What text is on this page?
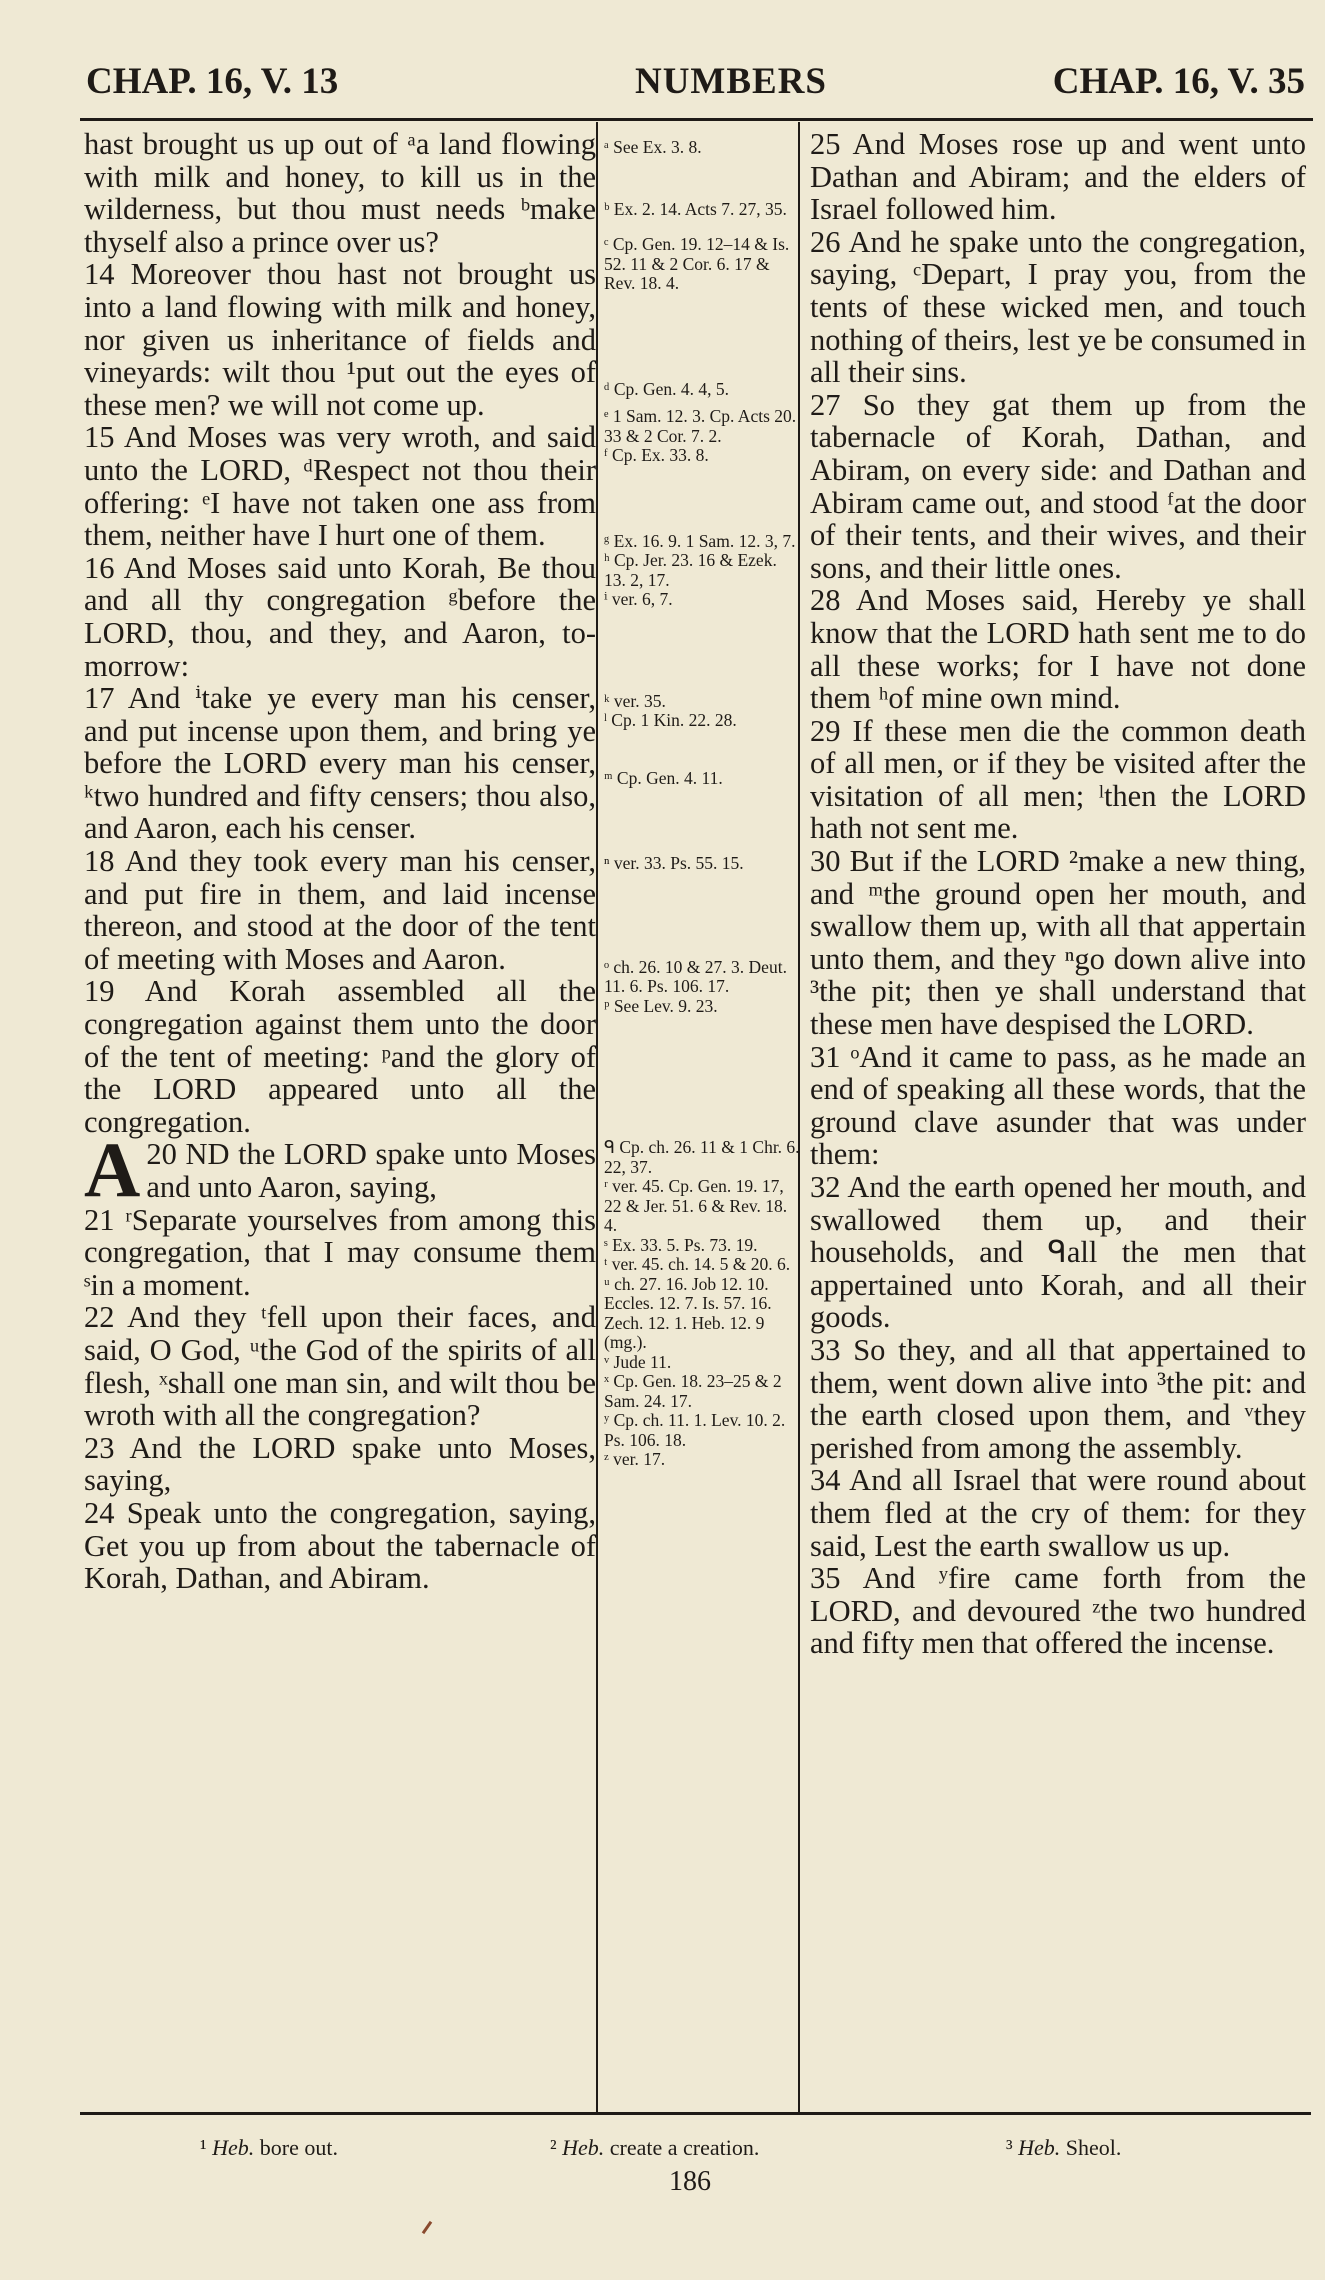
CHAP. 16, V. 13	NUMBERS	CHAP. 16, V. 35

hast brought us up out of ᵃa land flowing with milk and honey, to kill us in the wilderness, but thou must needs ᵇmake thyself also a prince over us?

14 Moreover thou hast not brought us into a land flowing with milk and honey, nor given us inheritance of fields and vineyards: wilt thou ¹put out the eyes of these men? we will not come up.

15 And Moses was very wroth, and said unto the LORD, ᵈRespect not thou their offering: ᵉI have not taken one ass from them, neither have I hurt one of them.

16 And Moses said unto Korah, Be thou and all thy congregation ᵍbefore the LORD, thou, and they, and Aaron, to-morrow:

17 And ⁱtake ye every man his censer, and put incense upon them, and bring ye before the LORD every man his censer, ᵏtwo hundred and fifty censers; thou also, and Aaron, each his censer.

18 And they took every man his censer, and put fire in them, and laid incense thereon, and stood at the door of the tent of meeting with Moses and Aaron.

19 And Korah assembled all the congregation against them unto the door of the tent of meeting: ᵖand the glory of the LORD appeared unto all the congregation.

20
A ND the LORD spake unto Moses and unto Aaron, saying,

21 ʳSeparate yourselves from among this congregation, that I may consume them ˢin a moment.

22 And they ᵗfell upon their faces, and said, O God, ᵘthe God of the spirits of all flesh, ˣshall one man sin, and wilt thou be wroth with all the congregation?

23 And the LORD spake unto Moses, saying,

24 Speak unto the congregation, saying, Get you up from about the tabernacle of Korah, Dathan, and Abiram.

ᵃ See Ex. 3. 8.

ᵇ Ex. 2. 14. Acts 7. 27, 35.

ᶜ Cp. Gen. 19. 12–14 & Is. 52. 11 & 2 Cor. 6. 17 & Rev. 18. 4.

ᵈ Cp. Gen. 4. 4, 5.

ᵉ 1 Sam. 12. 3. Cp. Acts 20. 33 & 2 Cor. 7. 2.

ᶠ Cp. Ex. 33. 8.

ᵍ Ex. 16. 9. 1 Sam. 12. 3, 7.

ʰ Cp. Jer. 23. 16 & Ezek. 13. 2, 17.

ⁱ ver. 6, 7.

ᵏ ver. 35.

ˡ Cp. 1 Kin. 22. 28.

ᵐ Cp. Gen. 4. 11.

ⁿ ver. 33. Ps. 55. 15.

ᵒ ch. 26. 10 & 27. 3. Deut. 11. 6. Ps. 106. 17.

ᵖ See Lev. 9. 23.

ᑫ Cp. ch. 26. 11 & 1 Chr. 6. 22, 37.

ʳ ver. 45. Cp. Gen. 19. 17, 22 & Jer. 51. 6 & Rev. 18. 4.

ˢ Ex. 33. 5. Ps. 73. 19.

ᵗ ver. 45. ch. 14. 5 & 20. 6.

ᵘ ch. 27. 16. Job 12. 10. Eccles. 12. 7. Is. 57. 16. Zech. 12. 1. Heb. 12. 9 (mg.).

ᵛ Jude 11.

ˣ Cp. Gen. 18. 23–25 & 2 Sam. 24. 17.

ʸ Cp. ch. 11. 1. Lev. 10. 2. Ps. 106. 18.

ᶻ ver. 17.

25 And Moses rose up and went unto Dathan and Abiram; and the elders of Israel followed him.

26 And he spake unto the congregation, saying, ᶜDepart, I pray you, from the tents of these wicked men, and touch nothing of theirs, lest ye be consumed in all their sins.

27 So they gat them up from the tabernacle of Korah, Dathan, and Abiram, on every side: and Dathan and Abiram came out, and stood ᶠat the door of their tents, and their wives, and their sons, and their little ones.

28 And Moses said, Hereby ye shall know that the LORD hath sent me to do all these works; for I have not done them ʰof mine own mind.

29 If these men die the common death of all men, or if they be visited after the visitation of all men; ˡthen the LORD hath not sent me.

30 But if the LORD ²make a new thing, and ᵐthe ground open her mouth, and swallow them up, with all that appertain unto them, and they ⁿgo down alive into ³the pit; then ye shall understand that these men have despised the LORD.

31 ᵒAnd it came to pass, as he made an end of speaking all these words, that the ground clave asunder that was under them:

32 And the earth opened her mouth, and swallowed them up, and their households, and ᑫall the men that appertained unto Korah, and all their goods.

33 So they, and all that appertained to them, went down alive into ³the pit: and the earth closed upon them, and ᵛthey perished from among the assembly.

34 And all Israel that were round about them fled at the cry of them: for they said, Lest the earth swallow us up.

35 And ʸfire came forth from the LORD, and devoured ᶻthe two hundred and fifty men that offered the incense.

¹ Heb. bore out.	² Heb. create a creation.	³ Heb. Sheol.
186
